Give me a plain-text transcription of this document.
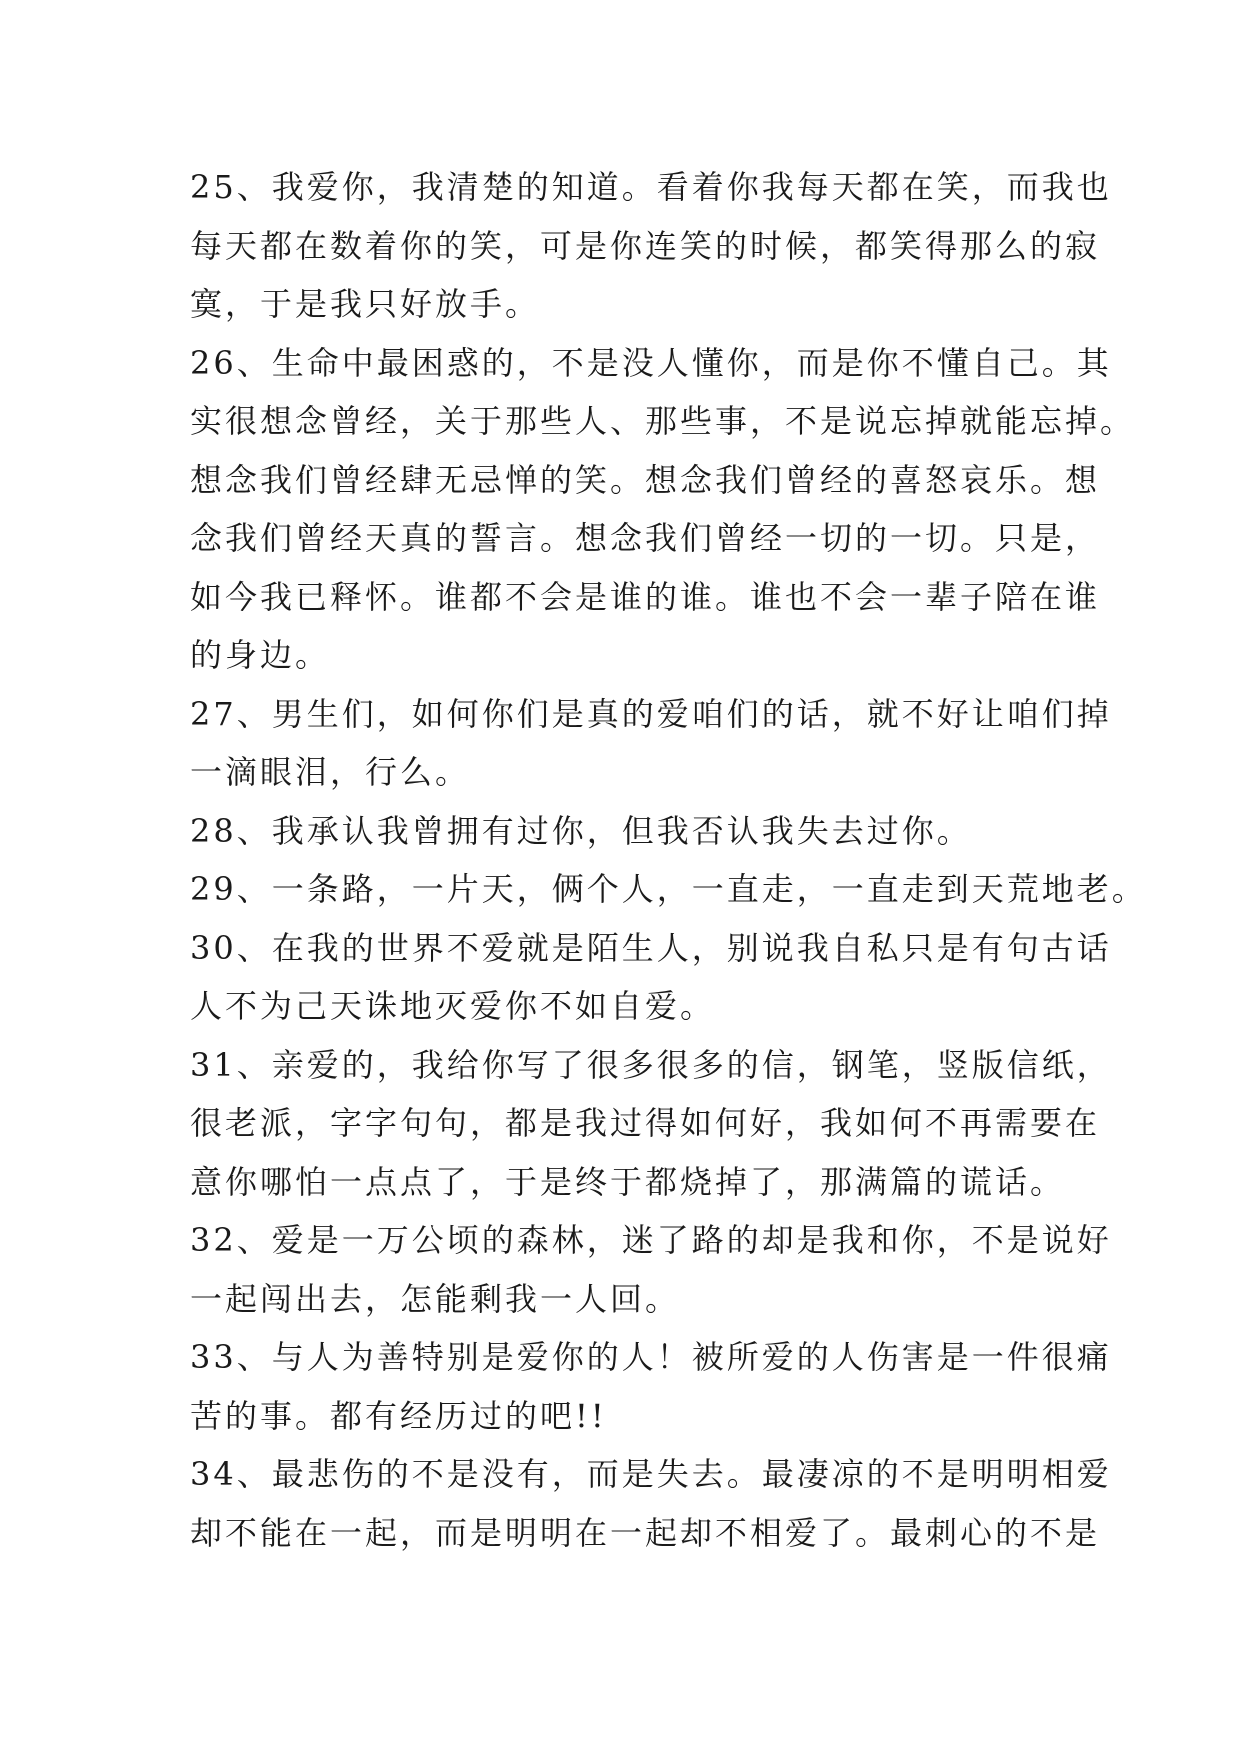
25、我爱你，我清楚的知道。看着你我每天都在笑，而我也
每天都在数着你的笑，可是你连笑的时候，都笑得那么的寂
寞，于是我只好放手。
26、生命中最困惑的，不是没人懂你，而是你不懂自己。其
实很想念曾经，关于那些人、那些事，不是说忘掉就能忘掉。
想念我们曾经肆无忌惮的笑。想念我们曾经的喜怒哀乐。想
念我们曾经天真的誓言。想念我们曾经一切的一切。只是，
如今我已释怀。谁都不会是谁的谁。谁也不会一辈子陪在谁
的身边。
27、男生们，如何你们是真的爱咱们的话，就不好让咱们掉
一滴眼泪，行么。
28、我承认我曾拥有过你，但我否认我失去过你。
29、一条路，一片天，俩个人，一直走，一直走到天荒地老。
30、在我的世界不爱就是陌生人，别说我自私只是有句古话
人不为己天诛地灭爱你不如自爱。
31、亲爱的，我给你写了很多很多的信，钢笔，竖版信纸，
很老派，字字句句，都是我过得如何好，我如何不再需要在
意你哪怕一点点了，于是终于都烧掉了，那满篇的谎话。
32、爱是一万公顷的森林，迷了路的却是我和你，不是说好
一起闯出去，怎能剩我一人回。
33、与人为善特别是爱你的人！被所爱的人伤害是一件很痛
苦的事。都有经历过的吧!!
34、最悲伤的不是没有，而是失去。最凄凉的不是明明相爱
却不能在一起，而是明明在一起却不相爱了。最刺心的不是
